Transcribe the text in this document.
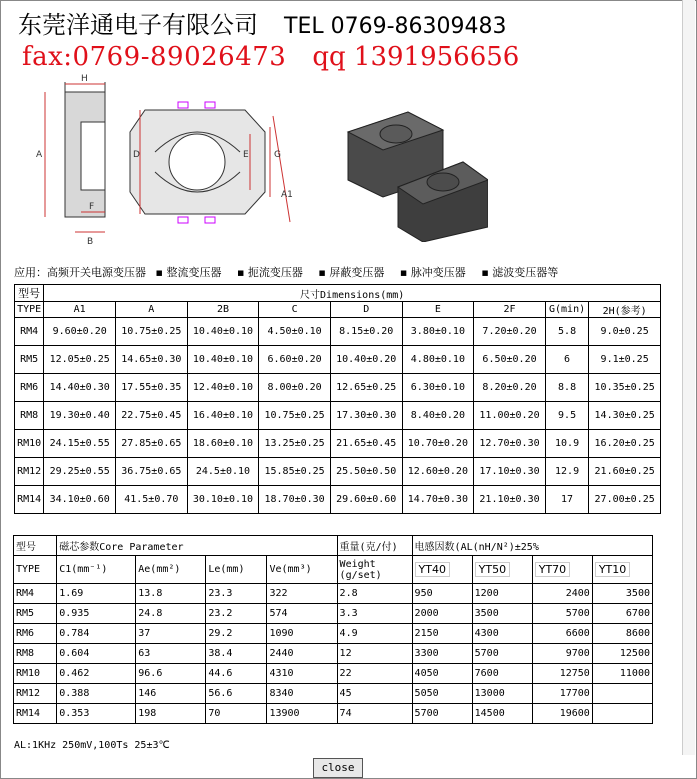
东莞洋通电子有限公司 TEL 0769-86309483
fax:0769-89026473 qq 1391956656
H
A
F
B
D	E	G
A1
应用：高频开关电源变压器 ▪ 整流变压器 ▪ 扼流变压器 ▪ 屏蔽变压器 ▪ 脉冲变压器 ▪ 滤波变压器等
型号	尺寸Dimensions(mm)								
TYPE	A1	A	2B	C	D	E	2F	G(min)	2H(参考)
RM4	9.60±0.20	10.75±0.25	10.40±0.10	4.50±0.10	8.15±0.20	3.80±0.10	7.20±0.20	5.8	9.0±0.25
RM5	12.05±0.25	14.65±0.30	10.40±0.10	6.60±0.20	10.40±0.20	4.80±0.10	6.50±0.20	6	9.1±0.25
RM6	14.40±0.30	17.55±0.35	12.40±0.10	8.00±0.20	12.65±0.25	6.30±0.10	8.20±0.20	8.8	10.35±0.25
RM8	19.30±0.40	22.75±0.45	16.40±0.10	10.75±0.25	17.30±0.30	8.40±0.20	11.00±0.20	9.5	14.30±0.25
RM10	24.15±0.55	27.85±0.65	18.60±0.10	13.25±0.25	21.65±0.45	10.70±0.20	12.70±0.30	10.9	16.20±0.25
RM12	29.25±0.55	36.75±0.65	24.5±0.10	15.85±0.25	25.50±0.50	12.60±0.20	17.10±0.30	12.9	21.60±0.25
RM14	34.10±0.60	41.5±0.70	30.10±0.10	18.70±0.30	29.60±0.60	14.70±0.30	21.10±0.30	17	27.00±0.25
型号	磁芯参数Core Parameter				重量(克/付)	电感因数(AL(nH/N²)±25%			
TYPE	C1(mm⁻¹)	Ae(mm²)	Le(mm)	Ve(mm³)	Weight (g/set)	YT40	YT50	YT70	YT10
RM4	1.69	13.8	23.3	322	2.8	950	1200	2400	3500
RM5	0.935	24.8	23.2	574	3.3	2000	3500	5700	6700
RM6	0.784	37	29.2	1090	4.9	2150	4300	6600	8600
RM8	0.604	63	38.4	2440	12	3300	5700	9700	12500
RM10	0.462	96.6	44.6	4310	22	4050	7600	12750	11000
RM12	0.388	146	56.6	8340	45	5050	13000	17700	
RM14	0.353	198	70	13900	74	5700	14500	19600	
AL:1KHz 250mV,100Ts 25±3℃
close
